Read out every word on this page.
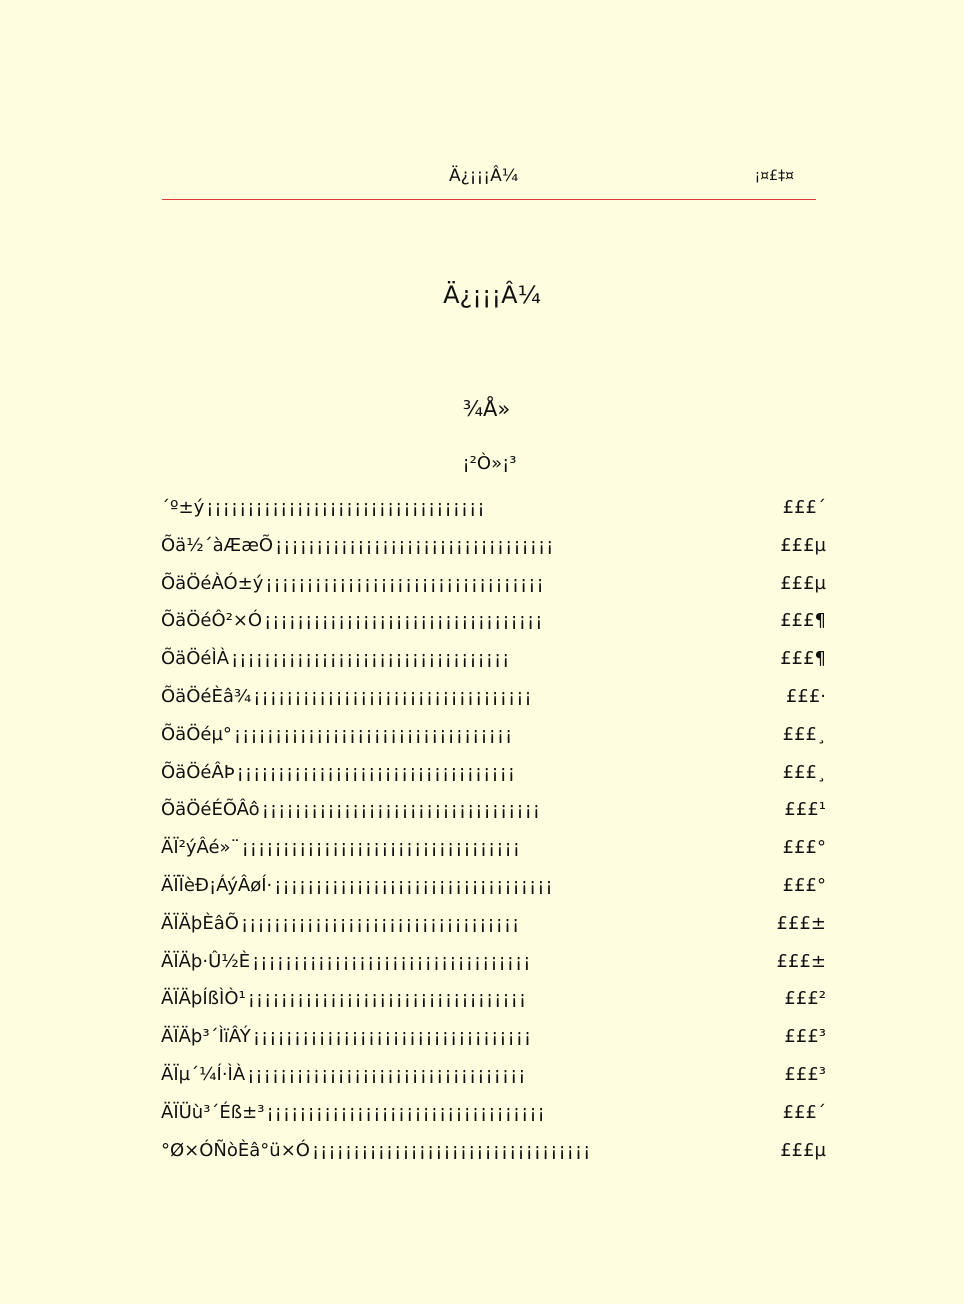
Ä¿¡¡¡Â¼	¡¤£‡¤
Ä¿¡¡¡Â¼
¾Å»
¡²Ò»¡³
´º±ý ¡¡¡¡¡¡¡¡¡¡¡¡¡¡¡¡¡¡¡¡¡¡¡¡¡¡¡¡¡¡¡¡¡¡	£££´
Õä½´àÆæÕ ¡¡¡¡¡¡¡¡¡¡¡¡¡¡¡¡¡¡¡¡¡¡¡¡¡¡¡¡¡¡¡¡¡¡	£££µ
ÕäÖéÀÓ±ý ¡¡¡¡¡¡¡¡¡¡¡¡¡¡¡¡¡¡¡¡¡¡¡¡¡¡¡¡¡¡¡¡¡¡	£££µ
ÕäÖéÔ²×Ó ¡¡¡¡¡¡¡¡¡¡¡¡¡¡¡¡¡¡¡¡¡¡¡¡¡¡¡¡¡¡¡¡¡¡	£££¶
ÕäÖéÌÀ ¡¡¡¡¡¡¡¡¡¡¡¡¡¡¡¡¡¡¡¡¡¡¡¡¡¡¡¡¡¡¡¡¡¡	£££¶
ÕäÖéÈâ¾ ¡¡¡¡¡¡¡¡¡¡¡¡¡¡¡¡¡¡¡¡¡¡¡¡¡¡¡¡¡¡¡¡¡¡	£££·
ÕäÖéµ° ¡¡¡¡¡¡¡¡¡¡¡¡¡¡¡¡¡¡¡¡¡¡¡¡¡¡¡¡¡¡¡¡¡¡	£££¸
ÕäÖéÂÞ ¡¡¡¡¡¡¡¡¡¡¡¡¡¡¡¡¡¡¡¡¡¡¡¡¡¡¡¡¡¡¡¡¡¡	£££¸
ÕäÖéÉÕÂô ¡¡¡¡¡¡¡¡¡¡¡¡¡¡¡¡¡¡¡¡¡¡¡¡¡¡¡¡¡¡¡¡¡¡	£££¹
ÄÏ²ýÂé»¨ ¡¡¡¡¡¡¡¡¡¡¡¡¡¡¡¡¡¡¡¡¡¡¡¡¡¡¡¡¡¡¡¡¡¡	£££°
ÄÏÏèÐ¡ÁýÂøÍ· ¡¡¡¡¡¡¡¡¡¡¡¡¡¡¡¡¡¡¡¡¡¡¡¡¡¡¡¡¡¡¡¡¡¡	£££°
ÄÏÄþÈâÕ ¡¡¡¡¡¡¡¡¡¡¡¡¡¡¡¡¡¡¡¡¡¡¡¡¡¡¡¡¡¡¡¡¡¡	£££±
ÄÏÄþ·Û½È ¡¡¡¡¡¡¡¡¡¡¡¡¡¡¡¡¡¡¡¡¡¡¡¡¡¡¡¡¡¡¡¡¡¡	£££±
ÄÏÄþÍßÌÒ¹ ¡¡¡¡¡¡¡¡¡¡¡¡¡¡¡¡¡¡¡¡¡¡¡¡¡¡¡¡¡¡¡¡¡¡	£££²
ÄÏÄþ³´ÌïÂÝ ¡¡¡¡¡¡¡¡¡¡¡¡¡¡¡¡¡¡¡¡¡¡¡¡¡¡¡¡¡¡¡¡¡¡	£££³
ÄÏµ´¼Í·ÌÀ ¡¡¡¡¡¡¡¡¡¡¡¡¡¡¡¡¡¡¡¡¡¡¡¡¡¡¡¡¡¡¡¡¡¡	£££³
ÄÏÜù³´Éß±³ ¡¡¡¡¡¡¡¡¡¡¡¡¡¡¡¡¡¡¡¡¡¡¡¡¡¡¡¡¡¡¡¡¡¡	£££´
°Ø×ÓÑòÈâ°ü×Ó ¡¡¡¡¡¡¡¡¡¡¡¡¡¡¡¡¡¡¡¡¡¡¡¡¡¡¡¡¡¡¡¡¡¡	£££µ
